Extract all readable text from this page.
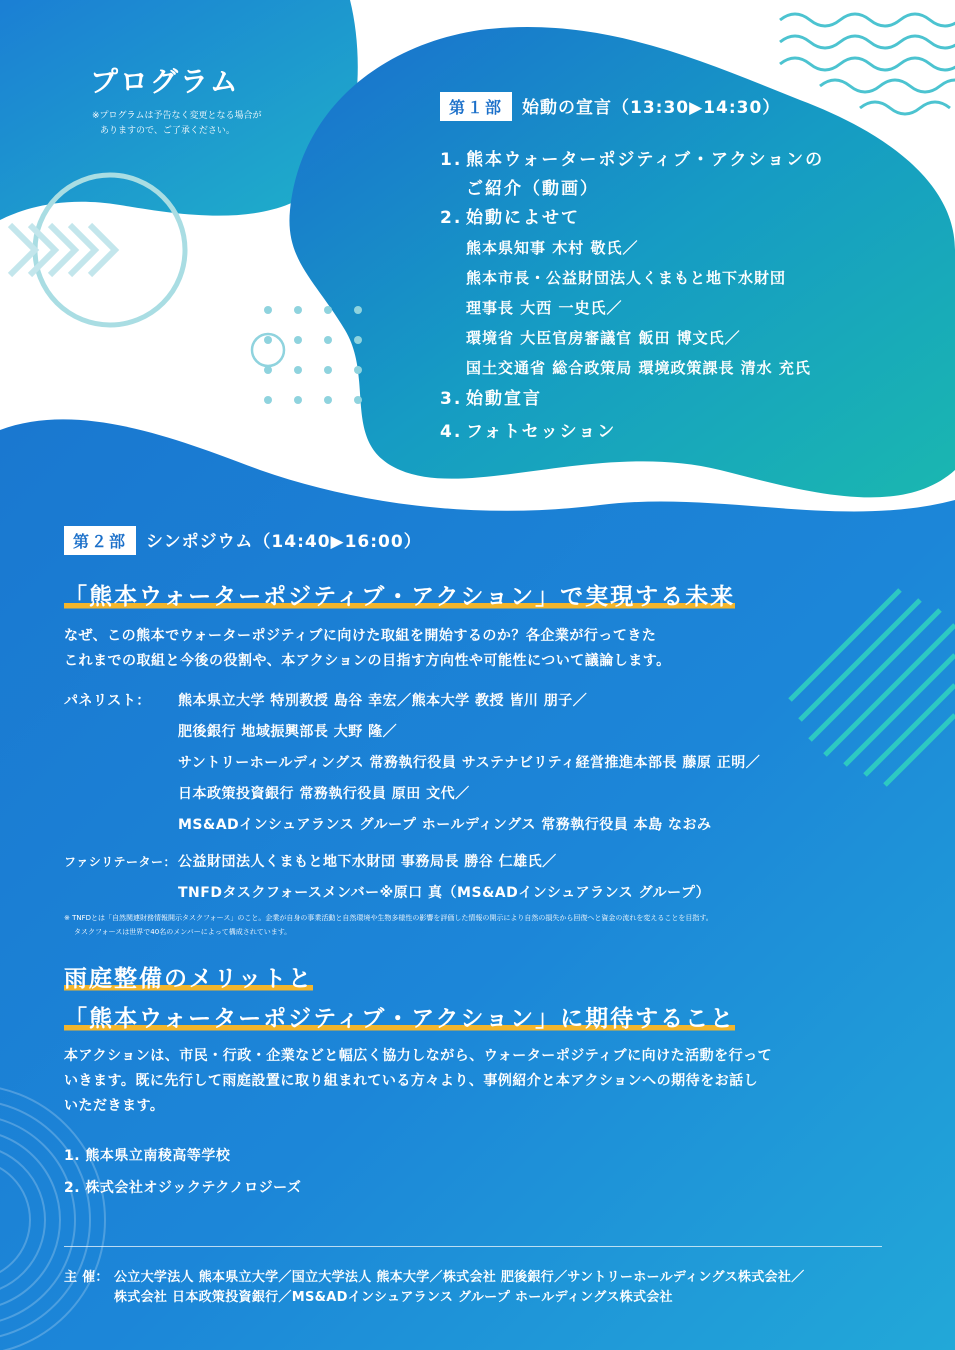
プログラム
※プログラムは予告なく変更となる場合が
ありますので、ご了承ください。
第１部 始動の宣言（13:30▶14:30）
1. 熊本ウォーターポジティブ・アクションの
ご紹介（動画）
2. 始動によせて
熊本県知事 木村 敬氏／
熊本市長・公益財団法人くまもと地下水財団
理事長 大西 一史氏／
環境省 大臣官房審議官 飯田 博文氏／
国土交通省 総合政策局 環境政策課長 清水 充氏
3. 始動宣言
4. フォトセッション
第２部 シンポジウム（14:40▶16:00）
「熊本ウォーターポジティブ・アクション」で実現する未来
なぜ、この熊本でウォーターポジティブに向けた取組を開始するのか？各企業が行ってきた
これまでの取組と今後の役割や、本アクションの目指す方向性や可能性について議論します。
パネリスト：	熊本県立大学 特別教授 島谷 幸宏／熊本大学 教授 皆川 朋子／
肥後銀行 地域振興部長 大野 隆／
サントリーホールディングス 常務執行役員 サステナビリティ経営推進本部長 藤原 正明／
日本政策投資銀行 常務執行役員 原田 文代／
MS&ADインシュアランス グループ ホールディングス 常務執行役員 本島 なおみ
ファシリテーター： 公益財団法人くまもと地下水財団 事務局長 勝谷 仁雄氏／
TNFDタスクフォースメンバー※原口 真（MS&ADインシュアランス グループ）
※ TNFDとは「自然関連財務情報開示タスクフォース」のこと。企業が自身の事業活動と自然環境や生物多様性の影響を評価した情報の開示により自然の損失から回復へと資金の流れを変えることを目指す。
タスクフォースは世界で40名のメンバーによって構成されています。
雨庭整備のメリットと
「熊本ウォーターポジティブ・アクション」に期待すること
本アクションは、市民・行政・企業などと幅広く協力しながら、ウォーターポジティブに向けた活動を行って
いきます。既に先行して雨庭設置に取り組まれている方々より、事例紹介と本アクションへの期待をお話し
いただきます。
1. 熊本県立南稜高等学校
2. 株式会社オジックテクノロジーズ
主 催： 公立大学法人 熊本県立大学／国立大学法人 熊本大学／株式会社 肥後銀行／サントリーホールディングス株式会社／
株式会社 日本政策投資銀行／MS&ADインシュアランス グループ ホールディングス株式会社
